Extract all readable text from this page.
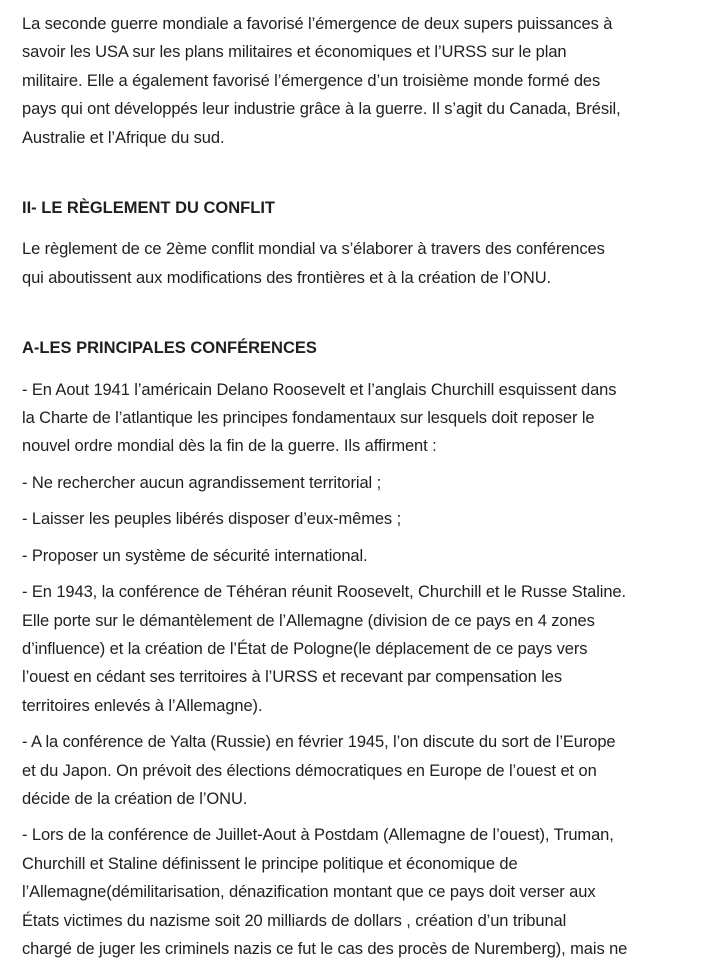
La seconde guerre mondiale a favorisé l’émergence de deux supers puissances à
savoir les USA sur les plans militaires et économiques et l’URSS sur le plan
militaire. Elle a également favorisé l’émergence d’un troisième monde formé des
pays qui ont développés leur industrie grâce à la guerre. Il s’agit du Canada, Brésil,
Australie et l’Afrique du sud.
II- LE RÈGLEMENT DU CONFLIT
Le règlement de ce 2ème conflit mondial va s’élaborer à travers des conférences
qui aboutissent aux modifications des frontières et à la création de l’ONU.
A-LES PRINCIPALES CONFÉRENCES
- En Aout 1941 l’américain Delano Roosevelt et l’anglais Churchill esquissent dans
la Charte de l’atlantique les principes fondamentaux sur lesquels doit reposer le
nouvel ordre mondial dès la fin de la guerre. Ils affirment :
- Ne rechercher aucun agrandissement territorial ;
- Laisser les peuples libérés disposer d’eux-mêmes ;
- Proposer un système de sécurité international.
- En 1943, la conférence de Téhéran réunit Roosevelt, Churchill et le Russe Staline.
Elle porte sur le démantèlement de l’Allemagne (division de ce pays en 4 zones
d’influence) et la création de l’État de Pologne(le déplacement de ce pays vers
l’ouest en cédant ses territoires à l’URSS et recevant par compensation les
territoires enlevés à l’Allemagne).
- A la conférence de Yalta (Russie) en février 1945, l’on discute du sort de l’Europe
et du Japon. On prévoit des élections démocratiques en Europe de l’ouest et on
décide de la création de l’ONU.
- Lors de la conférence de Juillet-Aout à Postdam (Allemagne de l’ouest), Truman,
Churchill et Staline définissent le principe politique et économique de
l’Allemagne(démilitarisation, dénazification montant que ce pays doit verser aux
États victimes du nazisme soit 20 milliards de dollars , création d’un tribunal
chargé de juger les criminels nazis ce fut le cas des procès de Nuremberg), mais ne
